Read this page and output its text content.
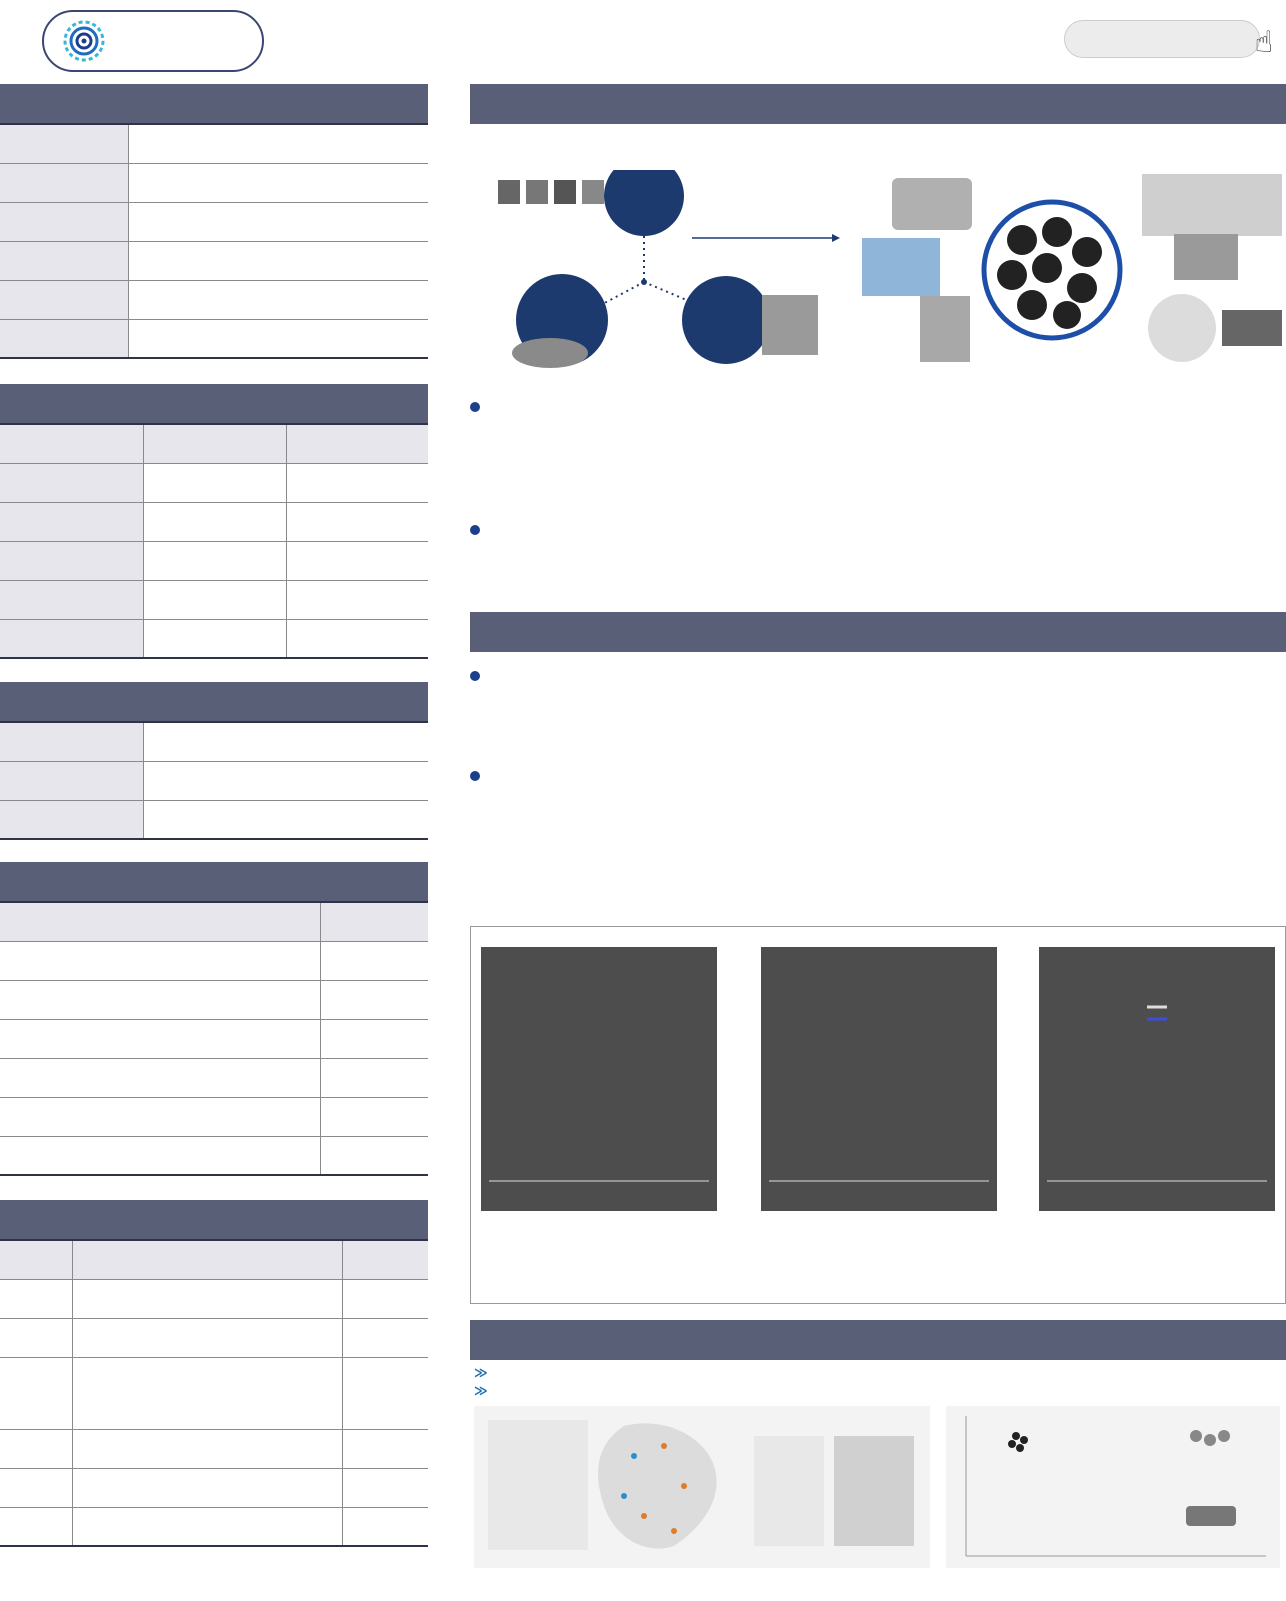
☝

≫
≫
